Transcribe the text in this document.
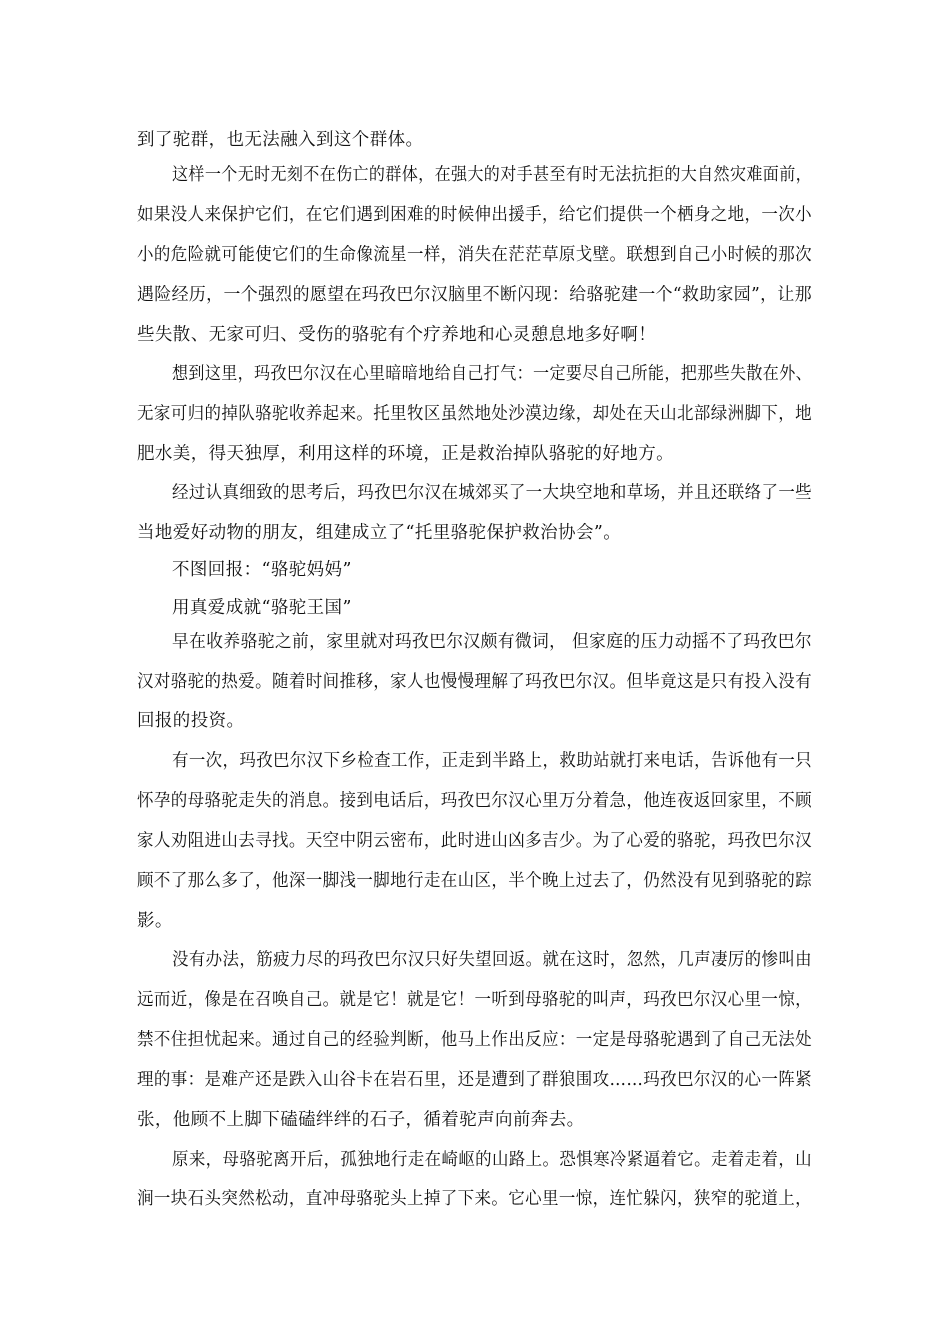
到了驼群，也无法融入到这个群体。
这样一个无时无刻不在伤亡的群体，在强大的对手甚至有时无法抗拒的大自然灾难面前，
如果没人来保护它们，在它们遇到困难的时候伸出援手，给它们提供一个栖身之地，一次小
小的危险就可能使它们的生命像流星一样，消失在茫茫草原戈壁。联想到自己小时候的那次
遇险经历，一个强烈的愿望在玛孜巴尔汉脑里不断闪现：给骆驼建一个“救助家园”，让那
些失散、无家可归、受伤的骆驼有个疗养地和心灵憩息地多好啊！
想到这里，玛孜巴尔汉在心里暗暗地给自己打气：一定要尽自己所能，把那些失散在外、
无家可归的掉队骆驼收养起来。托里牧区虽然地处沙漠边缘，却处在天山北部绿洲脚下，地
肥水美，得天独厚，利用这样的环境，正是救治掉队骆驼的好地方。
经过认真细致的思考后，玛孜巴尔汉在城郊买了一大块空地和草场，并且还联络了一些
当地爱好动物的朋友，组建成立了“托里骆驼保护救治协会”。
不图回报：“骆驼妈妈”
用真爱成就“骆驼王国”
早在收养骆驼之前，家里就对玛孜巴尔汉颇有微词， 但家庭的压力动摇不了玛孜巴尔
汉对骆驼的热爱。随着时间推移，家人也慢慢理解了玛孜巴尔汉。但毕竟这是只有投入没有
回报的投资。
有一次，玛孜巴尔汉下乡检查工作，正走到半路上，救助站就打来电话，告诉他有一只
怀孕的母骆驼走失的消息。接到电话后，玛孜巴尔汉心里万分着急，他连夜返回家里，不顾
家人劝阻进山去寻找。天空中阴云密布，此时进山凶多吉少。为了心爱的骆驼，玛孜巴尔汉
顾不了那么多了，他深一脚浅一脚地行走在山区，半个晚上过去了，仍然没有见到骆驼的踪
影。
没有办法，筋疲力尽的玛孜巴尔汉只好失望回返。就在这时，忽然，几声凄厉的惨叫由
远而近，像是在召唤自己。就是它！就是它！一听到母骆驼的叫声，玛孜巴尔汉心里一惊，
禁不住担忧起来。通过自己的经验判断，他马上作出反应：一定是母骆驼遇到了自己无法处
理的事：是难产还是跌入山谷卡在岩石里，还是遭到了群狼围攻……玛孜巴尔汉的心一阵紧
张，他顾不上脚下磕磕绊绊的石子，循着驼声向前奔去。
原来，母骆驼离开后，孤独地行走在崎岖的山路上。恐惧寒冷紧逼着它。走着走着，山
涧一块石头突然松动，直冲母骆驼头上掉了下来。它心里一惊，连忙躲闪，狭窄的驼道上，
